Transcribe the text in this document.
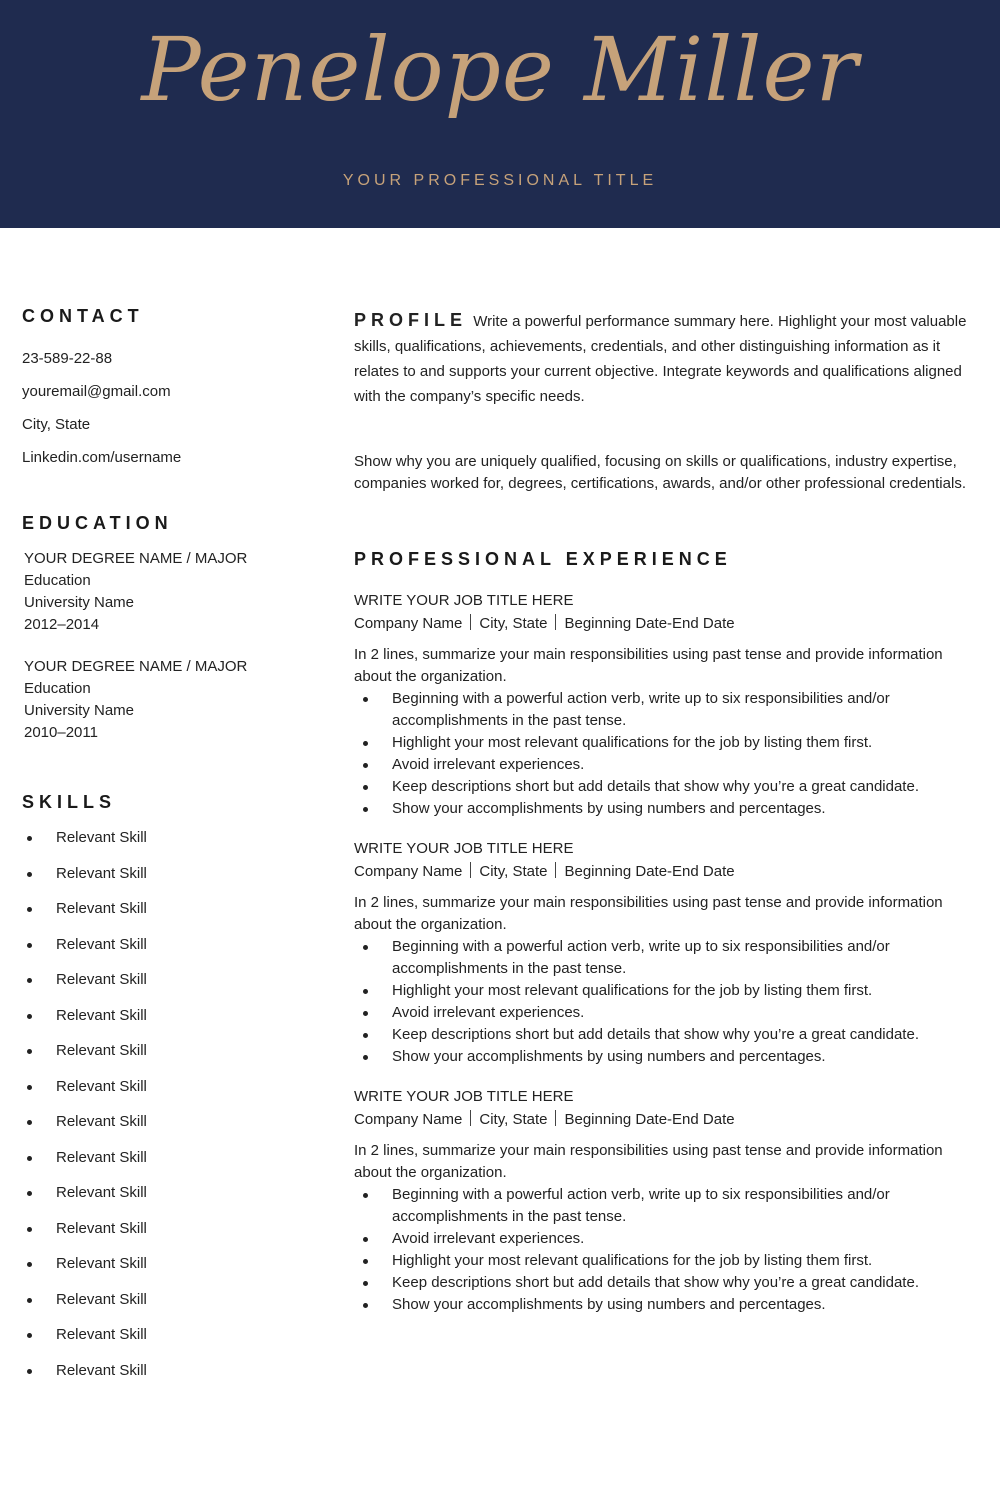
Penelope Miller
YOUR PROFESSIONAL TITLE
CONTACT
23-589-22-88
youremail@gmail.com
City, State
Linkedin.com/username
EDUCATION
YOUR DEGREE NAME / MAJOR
Education
University Name
2012–2014
YOUR DEGREE NAME / MAJOR
Education
University Name
2010–2011
SKILLS
Relevant Skill
Relevant Skill
Relevant Skill
Relevant Skill
Relevant Skill
Relevant Skill
Relevant Skill
Relevant Skill
Relevant Skill
Relevant Skill
Relevant Skill
Relevant Skill
Relevant Skill
Relevant Skill
Relevant Skill
Relevant Skill

PROFILE Write a powerful performance summary here. Highlight your most valuable skills, qualifications, achievements, credentials, and other distinguishing information as it relates to and supports your current objective. Integrate keywords and qualifications aligned with the company’s specific needs.

Show why you are uniquely qualified, focusing on skills or qualifications, industry expertise, companies worked for, degrees, certifications, awards, and/or other professional credentials.

PROFESSIONAL EXPERIENCE
WRITE YOUR JOB TITLE HERE
Company Name City, State Beginning Date-End Date
In 2 lines, summarize your main responsibilities using past tense and provide information about the organization.
Beginning with a powerful action verb, write up to six responsibilities and/or accomplishments in the past tense.
Highlight your most relevant qualifications for the job by listing them first.
Avoid irrelevant experiences.
Keep descriptions short but add details that show why you’re a great candidate.
Show your accomplishments by using numbers and percentages.
WRITE YOUR JOB TITLE HERE
Company Name City, State Beginning Date-End Date
In 2 lines, summarize your main responsibilities using past tense and provide information about the organization.
Beginning with a powerful action verb, write up to six responsibilities and/or accomplishments in the past tense.
Highlight your most relevant qualifications for the job by listing them first.
Avoid irrelevant experiences.
Keep descriptions short but add details that show why you’re a great candidate.
Show your accomplishments by using numbers and percentages.
WRITE YOUR JOB TITLE HERE
Company Name City, State Beginning Date-End Date
In 2 lines, summarize your main responsibilities using past tense and provide information about the organization.
Beginning with a powerful action verb, write up to six responsibilities and/or accomplishments in the past tense.
Avoid irrelevant experiences.
Highlight your most relevant qualifications for the job by listing them first.
Keep descriptions short but add details that show why you’re a great candidate.
Show your accomplishments by using numbers and percentages.
